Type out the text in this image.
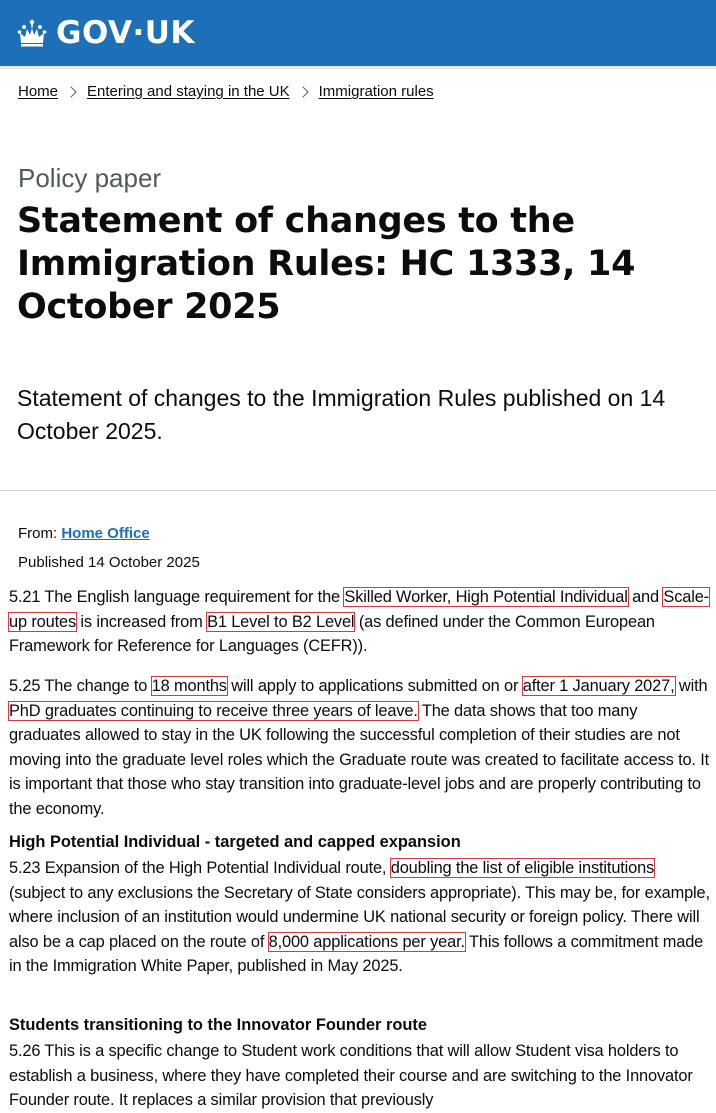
GOV·UK
Home Entering and staying in the UK Immigration rules
Policy paper
Statement of changes to the Immigration Rules: HC 1333, 14 October 2025

Statement of changes to the Immigration Rules published on 14 October 2025.

From: Home Office
Published 14 October 2025

5.21 The English language requirement for the Skilled Worker, High Potential Individual and Scale-up routes is increased from B1 Level to B2 Level (as defined under the Common European Framework for Reference for Languages (CEFR)).

5.25 The change to 18 months will apply to applications submitted on or after 1 January 2027, with PhD graduates continuing to receive three years of leave. The data shows that too many graduates allowed to stay in the UK following the successful completion of their studies are not moving into the graduate level roles which the Graduate route was created to facilitate access to. It is important that those who stay transition into graduate-level jobs and are properly contributing to the economy.

High Potential Individual - targeted and capped expansion

5.23 Expansion of the High Potential Individual route, doubling the list of eligible institutions (subject to any exclusions the Secretary of State considers appropriate). This may be, for example, where inclusion of an institution would undermine UK national security or foreign policy. There will also be a cap placed on the route of 8,000 applications per year. This follows a commitment made in the Immigration White Paper, published in May 2025.

Students transitioning to the Innovator Founder route

5.26 This is a specific change to Student work conditions that will allow Student visa holders to establish a business, where they have completed their course and are switching to the Innovator Founder route. It replaces a similar provision that previously
